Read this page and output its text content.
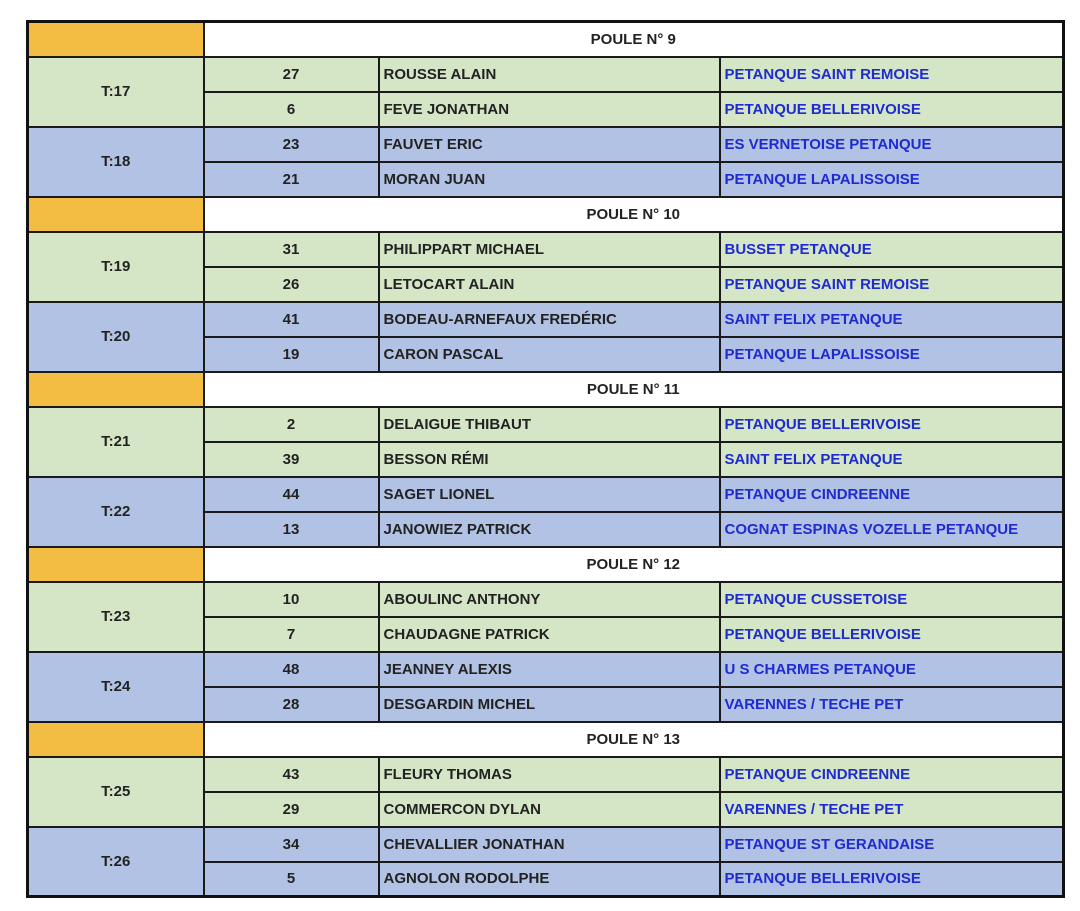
	POULE N° 9		
T:17	27	ROUSSE ALAIN	PETANQUE SAINT REMOISE
	6	FEVE JONATHAN	PETANQUE BELLERIVOISE
T:18	23	FAUVET ERIC	ES VERNETOISE PETANQUE
	21	MORAN JUAN	PETANQUE LAPALISSOISE
	POULE N° 10		
T:19	31	PHILIPPART MICHAEL	BUSSET PETANQUE
	26	LETOCART ALAIN	PETANQUE SAINT REMOISE
T:20	41	BODEAU-ARNEFAUX FREDÉRIC	SAINT FELIX PETANQUE
	19	CARON PASCAL	PETANQUE LAPALISSOISE
	POULE N° 11		
T:21	2	DELAIGUE THIBAUT	PETANQUE BELLERIVOISE
	39	BESSON RÉMI	SAINT FELIX PETANQUE
T:22	44	SAGET LIONEL	PETANQUE CINDREENNE
	13	JANOWIEZ PATRICK	COGNAT ESPINAS VOZELLE PETANQUE
	POULE N° 12		
T:23	10	ABOULINC ANTHONY	PETANQUE CUSSETOISE
	7	CHAUDAGNE PATRICK	PETANQUE BELLERIVOISE
T:24	48	JEANNEY ALEXIS	U S CHARMES PETANQUE
	28	DESGARDIN MICHEL	VARENNES / TECHE PET
	POULE N° 13		
T:25	43	FLEURY THOMAS	PETANQUE CINDREENNE
	29	COMMERCON DYLAN	VARENNES / TECHE PET
T:26	34	CHEVALLIER JONATHAN	PETANQUE ST GERANDAISE
	5	AGNOLON RODOLPHE	PETANQUE BELLERIVOISE
